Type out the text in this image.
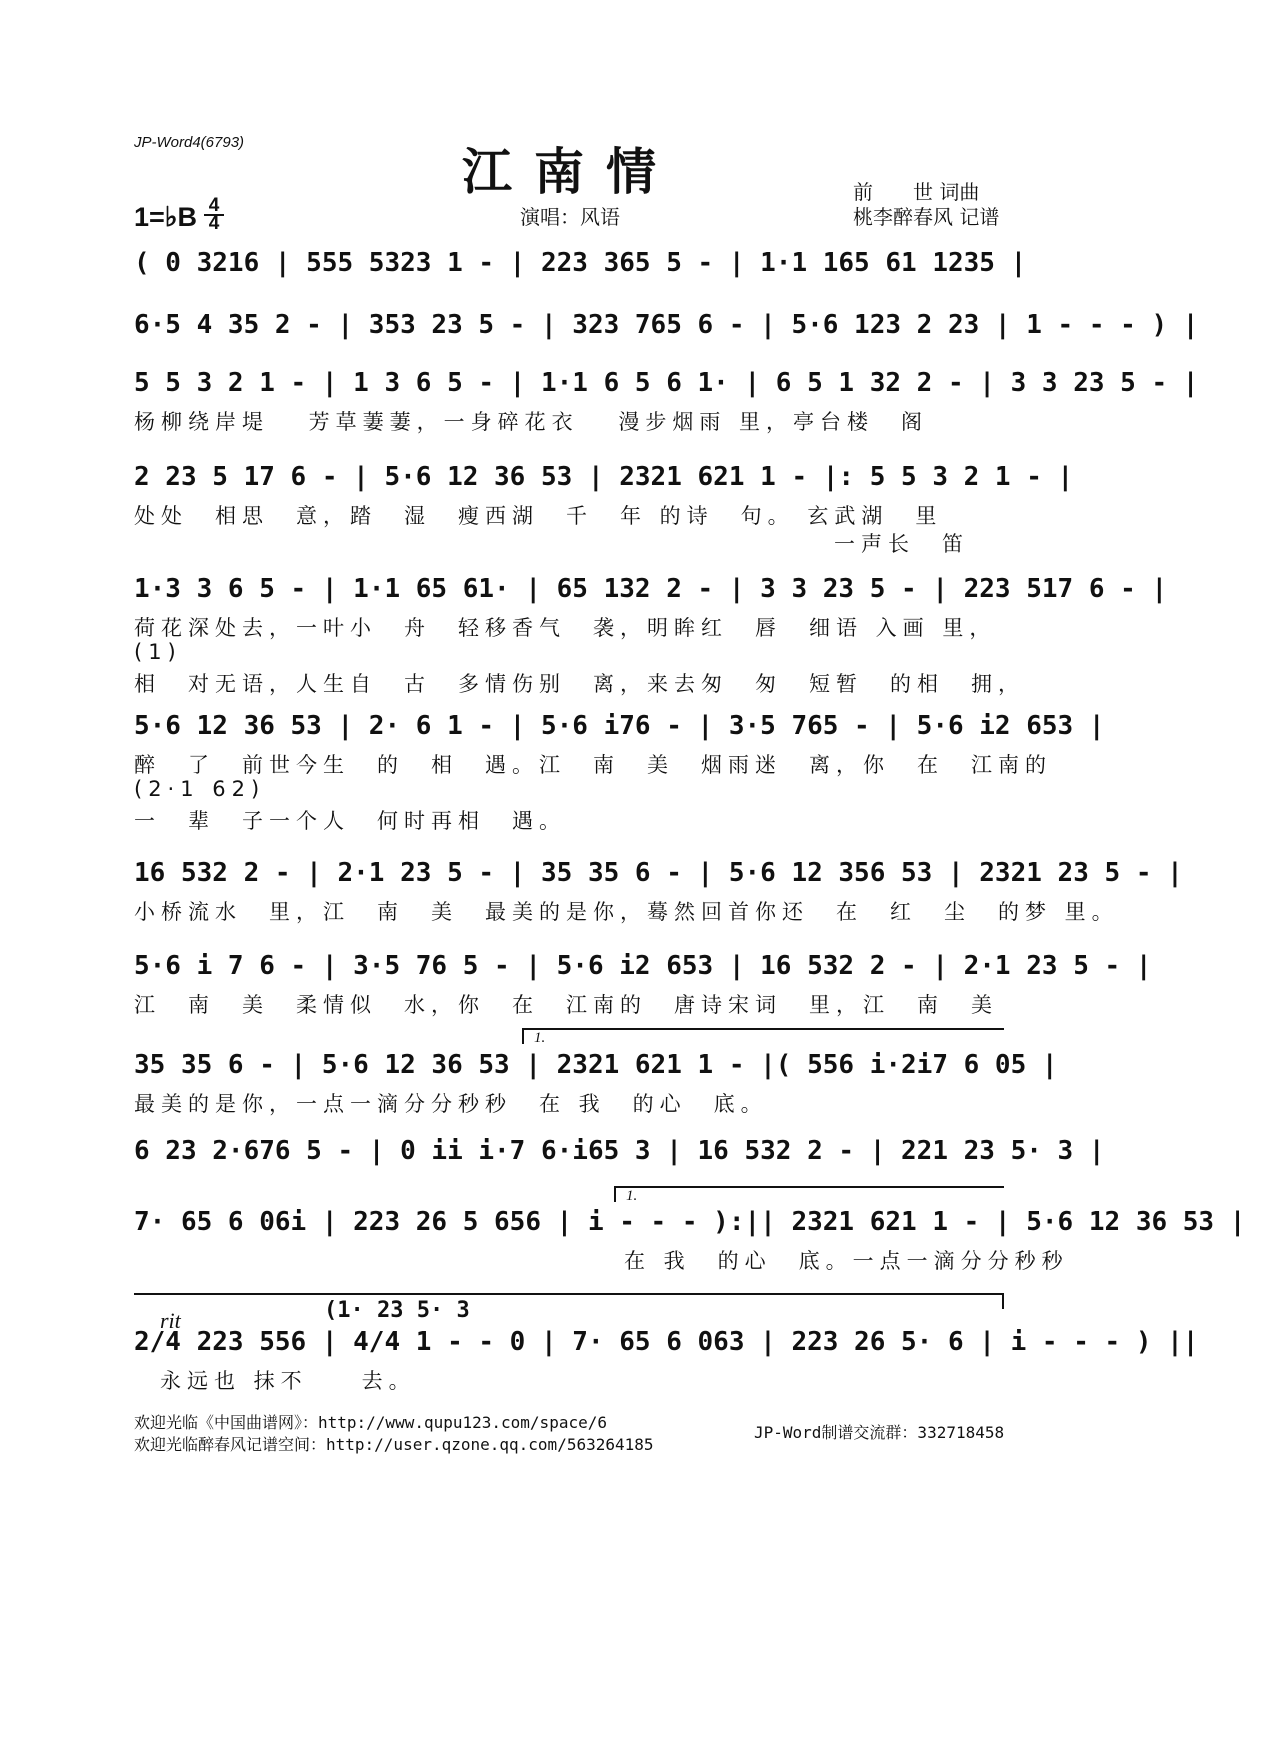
JP-Word4(6793)	江南情	前　　世 词曲
桃李醉春风 记谱
演唱：风语
1=♭B 4
4
( 0 3216 | 555 5323 1 - | 223 365 5 - | 1·1 165 61 1235 |
6·5 4 35 2 - | 353 23 5 - | 323 765 6 - | 5·6 123 2 23 | 1 - - - ) |
5 5 3 2 1 - | 1 3 6 5 - | 1·1 6 5 6 1· | 6 5 1 32 2 - | 3 3 23 5 - |
杨柳绕岸堤　 芳草萋萋，一身碎花衣　 漫步烟雨 里，亭台楼　阁
2 23 5 17 6 - | 5·6 12 36 53 | 2321 621 1 - |: 5 5 3 2 1 - |
处处　相思　意，踏　湿　瘦西湖　千　年 的诗　句。 玄武湖　里
一声长　笛
1·3 3 6 5 - | 1·1 65 61· | 65 132 2 - | 3 3 23 5 - | 223 517 6 - |
荷花深处去，一叶小　舟　轻移香气　袭，明眸红　唇　细语 入画 里，
(1)
相　对无语，人生自　古　多情伤别　离，来去匆　匆　短暂　的相　拥，
5·6 12 36 53 | 2· 6 1 - | 5·6 i76 - | 3·5 765 - | 5·6 i2 653 |
醉　了　前世今生　的　相　遇。江　南　美　烟雨迷　离，你　在　江南的
(2·1 62)
一　辈　子一个人　何时再相　遇。
16 532 2 - | 2·1 23 5 - | 35 35 6 - | 5·6 12 356 53 | 2321 23 5 - |
小桥流水　里，江　南　美　最美的是你，蓦然回首你还　在　红　尘　的梦 里。
5·6 i 7 6 - | 3·5 76 5 - | 5·6 i2 653 | 16 532 2 - | 2·1 23 5 - |
江　南　美　柔情似　水，你　在　江南的　唐诗宋词　里，江　南　美
35 35 6 - | 5·6 12 36 53 | 2321 621 1 - |( 556 i·2i7 6 05 |
最美的是你，一点一滴分分秒秒　在 我　的心　底。
6 23 2·676 5 - | 0 ii i·7 6·i65 3 | 16 532 2 - | 221 23 5· 3 |
7· 65 6 06i | 223 26 5 656 | i - - - ):|| 2321 621 1 - | 5·6 12 36 53 |
在 我　的心　底。一点一滴分分秒秒
2/4 223 556 | 4/4 1 - - 0 | 7· 65 6 063 | 223 26 5· 6 | i - - - ) ||
永远也 抹不　　去。
1.
1.
rit	(1· 23 5· 3
欢迎光临《中国曲谱网》：http://www.qupu123.com/space/6
欢迎光临醉春风记谱空间：http://user.qzone.qq.com/563264185
JP-Word制谱交流群：332718458
